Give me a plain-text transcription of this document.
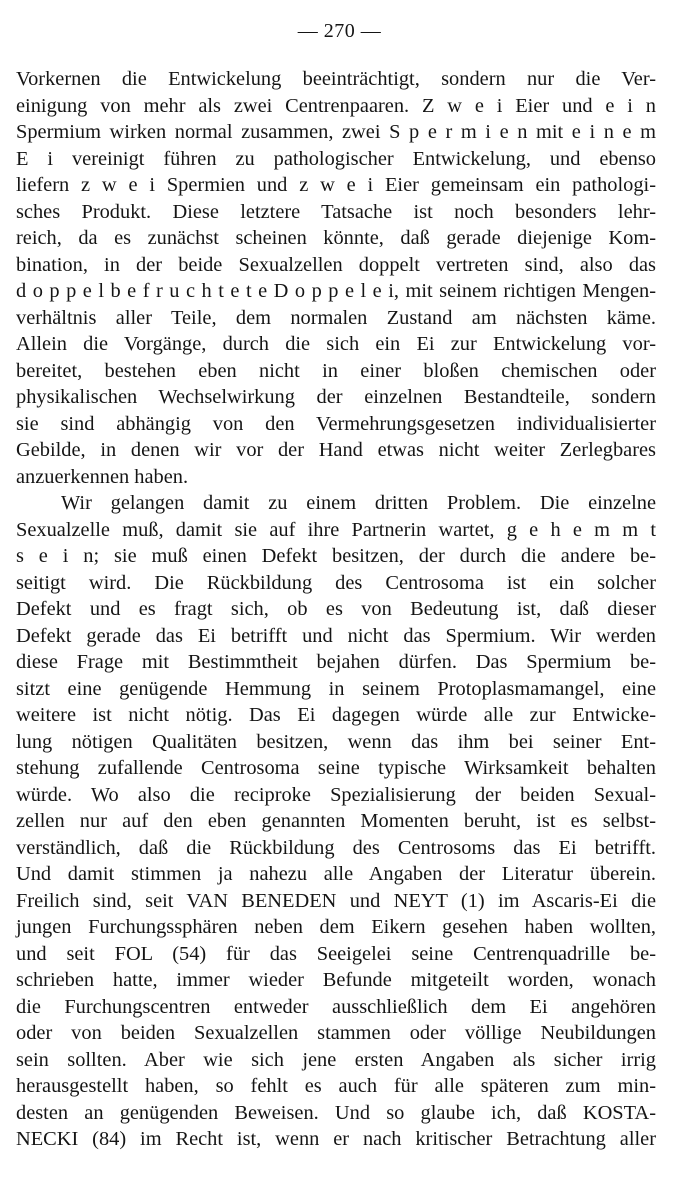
— 270 —
Vorkernen die Entwickelung beeinträchtigt, sondern nur die Ver-
einigung von mehr als zwei Centrenpaaren. Z w e i Eier und e i n
Spermium wirken normal zusammen, zwei S p e r m i e n mit e i n e m
E i vereinigt führen zu pathologischer Entwickelung, und ebenso
liefern z w e i Spermien und z w e i Eier gemeinsam ein pathologi-
sches Produkt. Diese letztere Tatsache ist noch besonders lehr-
reich, da es zunächst scheinen könnte, daß gerade diejenige Kom-
bination, in der beide Sexualzellen doppelt vertreten sind, also das
d o p p e l b e f r u c h t e t e D o p p e l e i, mit seinem richtigen Mengen-
verhältnis aller Teile, dem normalen Zustand am nächsten käme.
Allein die Vorgänge, durch die sich ein Ei zur Entwickelung vor-
bereitet, bestehen eben nicht in einer bloßen chemischen oder
physikalischen Wechselwirkung der einzelnen Bestandteile, sondern
sie sind abhängig von den Vermehrungsgesetzen individualisierter
Gebilde, in denen wir vor der Hand etwas nicht weiter Zerlegbares
anzuerkennen haben.
Wir gelangen damit zu einem dritten Problem. Die einzelne
Sexualzelle muß, damit sie auf ihre Partnerin wartet, g e h e m m t
s e i n; sie muß einen Defekt besitzen, der durch die andere be-
seitigt wird. Die Rückbildung des Centrosoma ist ein solcher
Defekt und es fragt sich, ob es von Bedeutung ist, daß dieser
Defekt gerade das Ei betrifft und nicht das Spermium. Wir werden
diese Frage mit Bestimmtheit bejahen dürfen. Das Spermium be-
sitzt eine genügende Hemmung in seinem Protoplasmamangel, eine
weitere ist nicht nötig. Das Ei dagegen würde alle zur Entwicke-
lung nötigen Qualitäten besitzen, wenn das ihm bei seiner Ent-
stehung zufallende Centrosoma seine typische Wirksamkeit behalten
würde. Wo also die reciproke Spezialisierung der beiden Sexual-
zellen nur auf den eben genannten Momenten beruht, ist es selbst-
verständlich, daß die Rückbildung des Centrosoms das Ei betrifft.
Und damit stimmen ja nahezu alle Angaben der Literatur überein.
Freilich sind, seit VAN BENEDEN und NEYT (1) im Ascaris-Ei die
jungen Furchungssphären neben dem Eikern gesehen haben wollten,
und seit FOL (54) für das Seeigelei seine Centrenquadrille be-
schrieben hatte, immer wieder Befunde mitgeteilt worden, wonach
die Furchungscentren entweder ausschließlich dem Ei angehören
oder von beiden Sexualzellen stammen oder völlige Neubildungen
sein sollten. Aber wie sich jene ersten Angaben als sicher irrig
herausgestellt haben, so fehlt es auch für alle späteren zum min-
desten an genügenden Beweisen. Und so glaube ich, daß KOSTA-
NECKI (84) im Recht ist, wenn er nach kritischer Betrachtung aller
